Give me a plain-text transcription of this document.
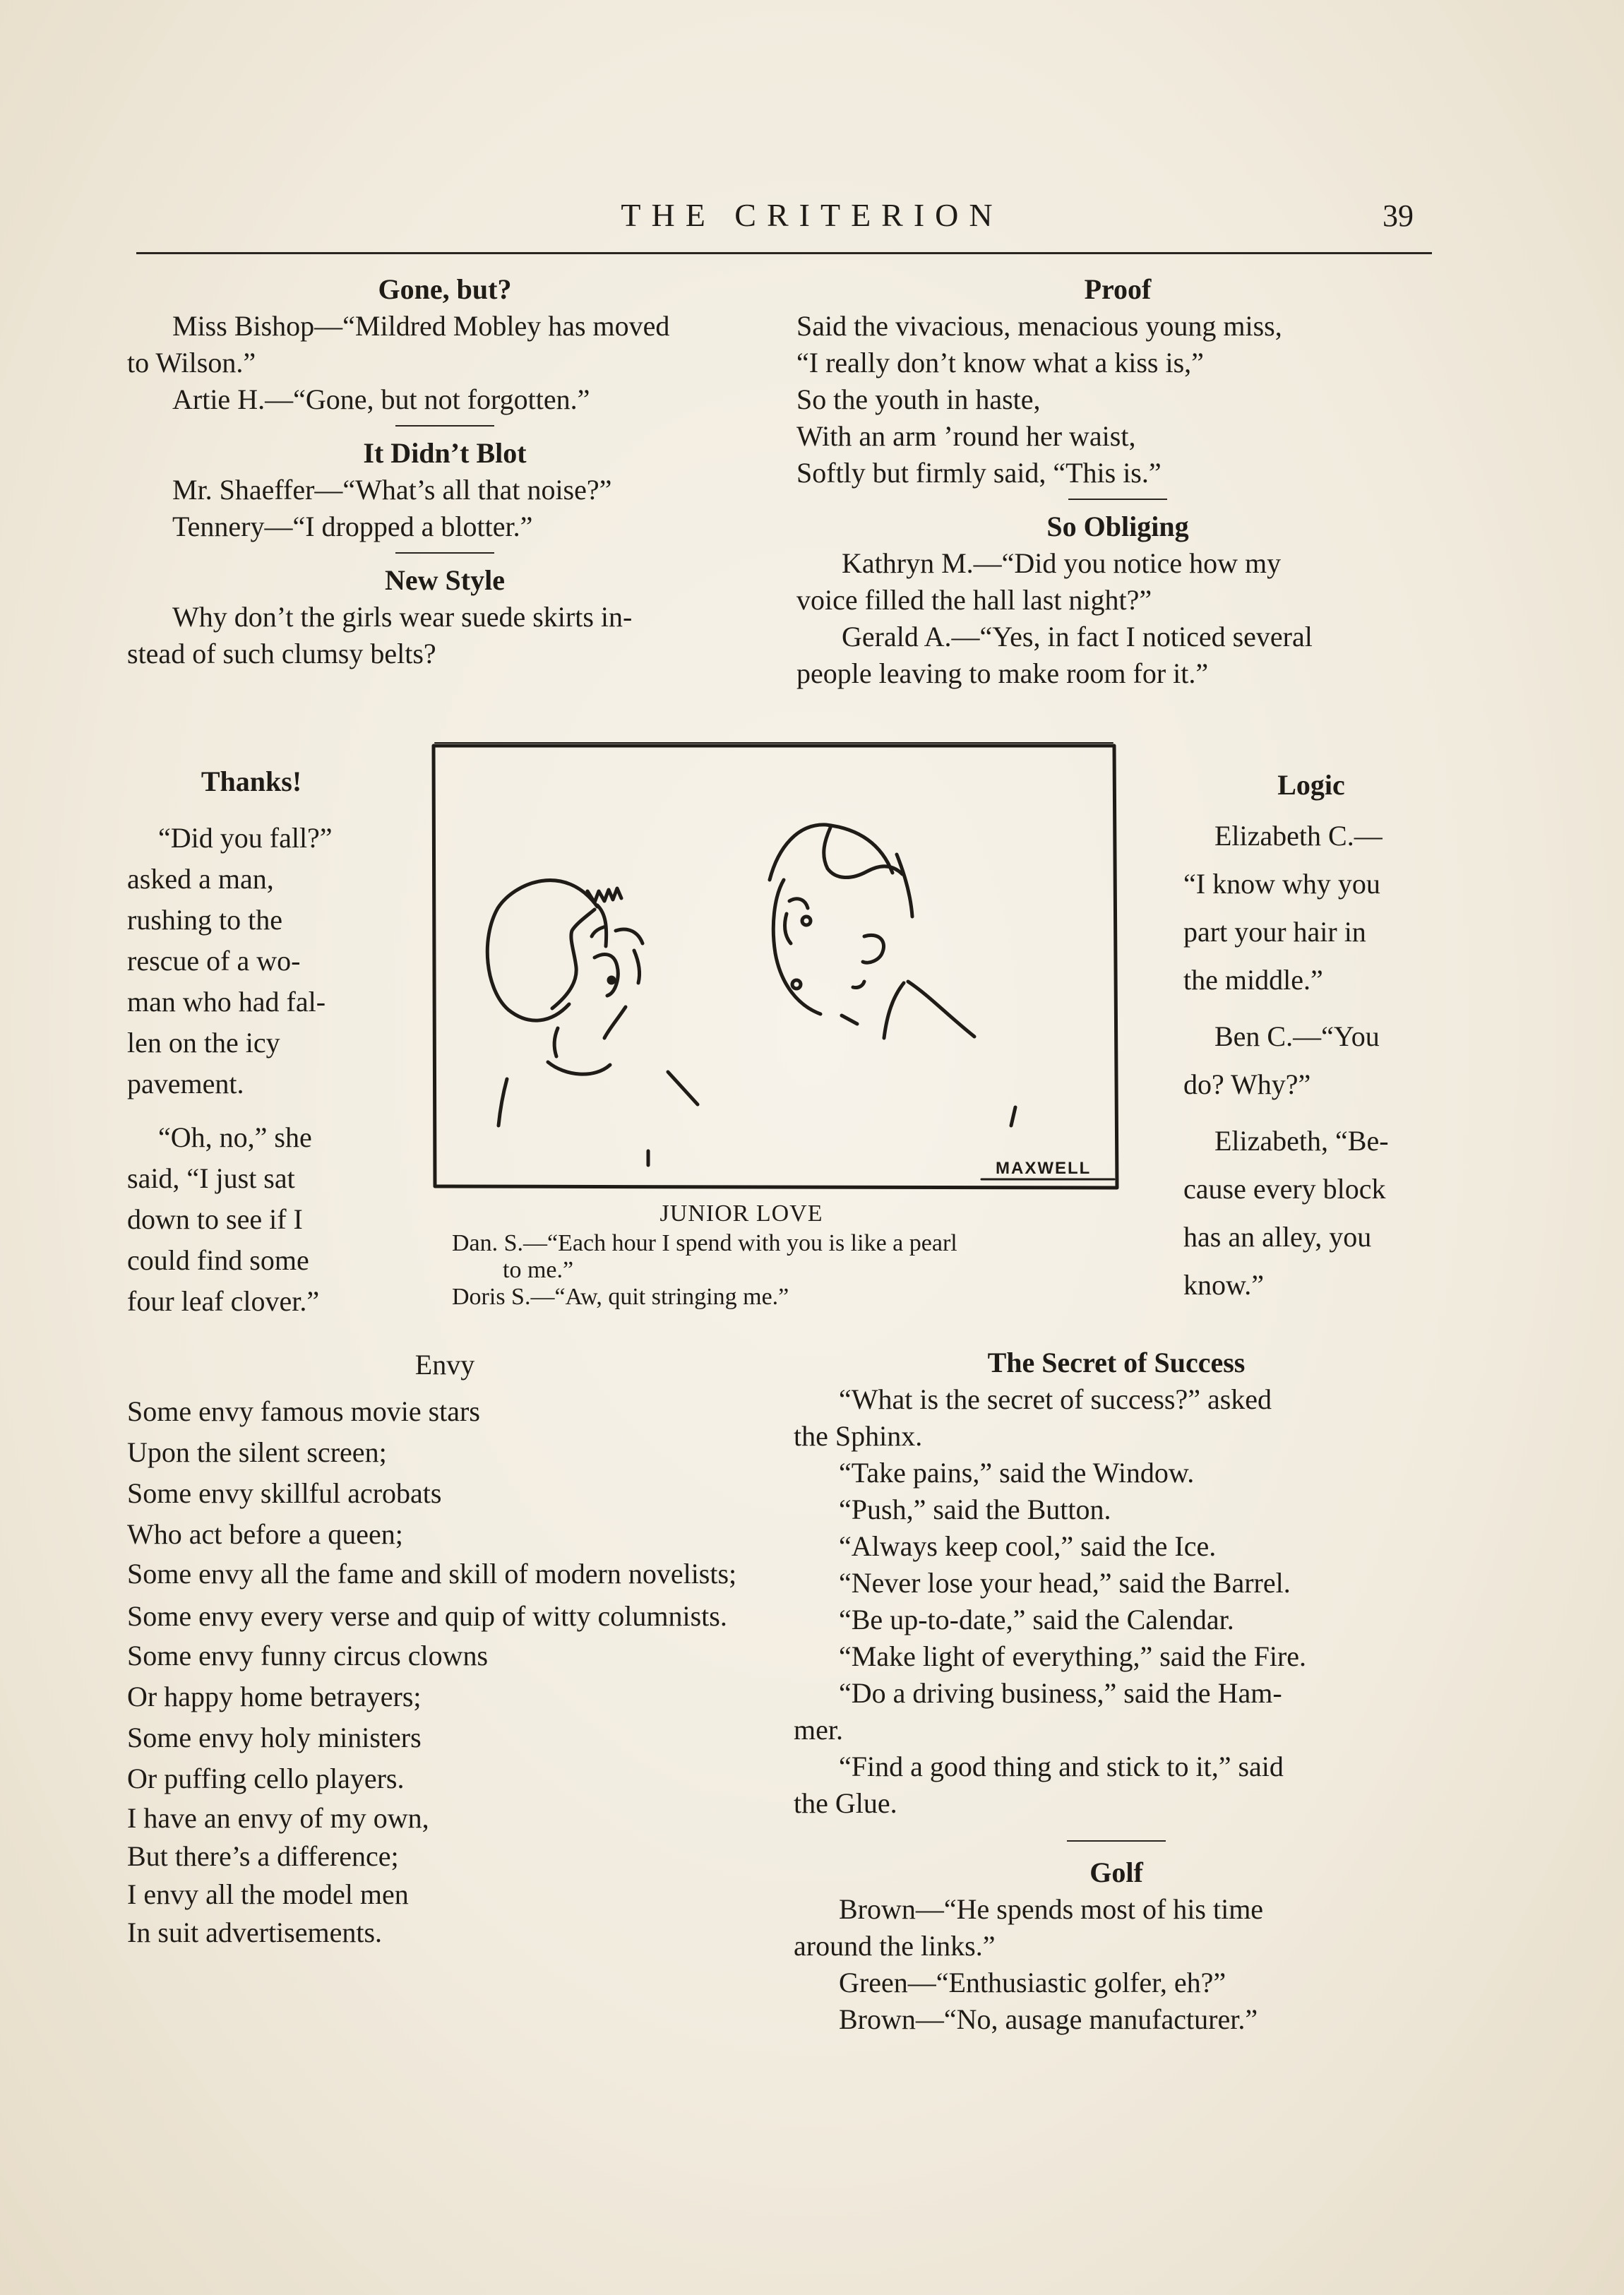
THE CRITERION	39

Gone, but?

Miss Bishop—“Mildred Mobley has moved

to Wilson.”

Artie H.—“Gone, but not forgotten.”

It Didn’t Blot

Mr. Shaeffer—“What’s all that noise?”

Tennery—“I dropped a blotter.”

New Style

Why don’t the girls wear suede skirts in-

stead of such clumsy belts?

Proof

Said the vivacious, menacious young miss,

“I really don’t know what a kiss is,”

So the youth in haste,

With an arm ’round her waist,

Softly but firmly said, “This is.”

So Obliging

Kathryn M.—“Did you notice how my

voice filled the hall last night?”

Gerald A.—“Yes, in fact I noticed several

people leaving to make room for it.”

Thanks!

“Did you fall?”

asked a man,

rushing to the

rescue of a wo-

man who had fal-

len on the icy

pavement.

“Oh, no,” she

said, “I just sat

down to see if I

could find some

four leaf clover.”

MAXWELL

JUNIOR LOVE

Dan. S.—“Each hour I spend with you is like a pearl

to me.”

Doris S.—“Aw, quit stringing me.”

Logic

Elizabeth C.—

“I know why you

part your hair in

the middle.”

Ben C.—“You

do? Why?”

Elizabeth, “Be-

cause every block

has an alley, you

know.”

Envy

Some envy famous movie stars

Upon the silent screen;

Some envy skillful acrobats

Who act before a queen;

Some envy all the fame and skill of modern novelists;

Some envy every verse and quip of witty columnists.

Some envy funny circus clowns

Or happy home betrayers;

Some envy holy ministers

Or puffing cello players.

I have an envy of my own,

But there’s a difference;

I envy all the model men

In suit advertisements.

The Secret of Success

“What is the secret of success?” asked

the Sphinx.

“Take pains,” said the Window.

“Push,” said the Button.

“Always keep cool,” said the Ice.

“Never lose your head,” said the Barrel.

“Be up-to-date,” said the Calendar.

“Make light of everything,” said the Fire.

“Do a driving business,” said the Ham-

mer.

“Find a good thing and stick to it,” said

the Glue.

Golf

Brown—“He spends most of his time

around the links.”

Green—“Enthusiastic golfer, eh?”

Brown—“No, ausage manufacturer.”
